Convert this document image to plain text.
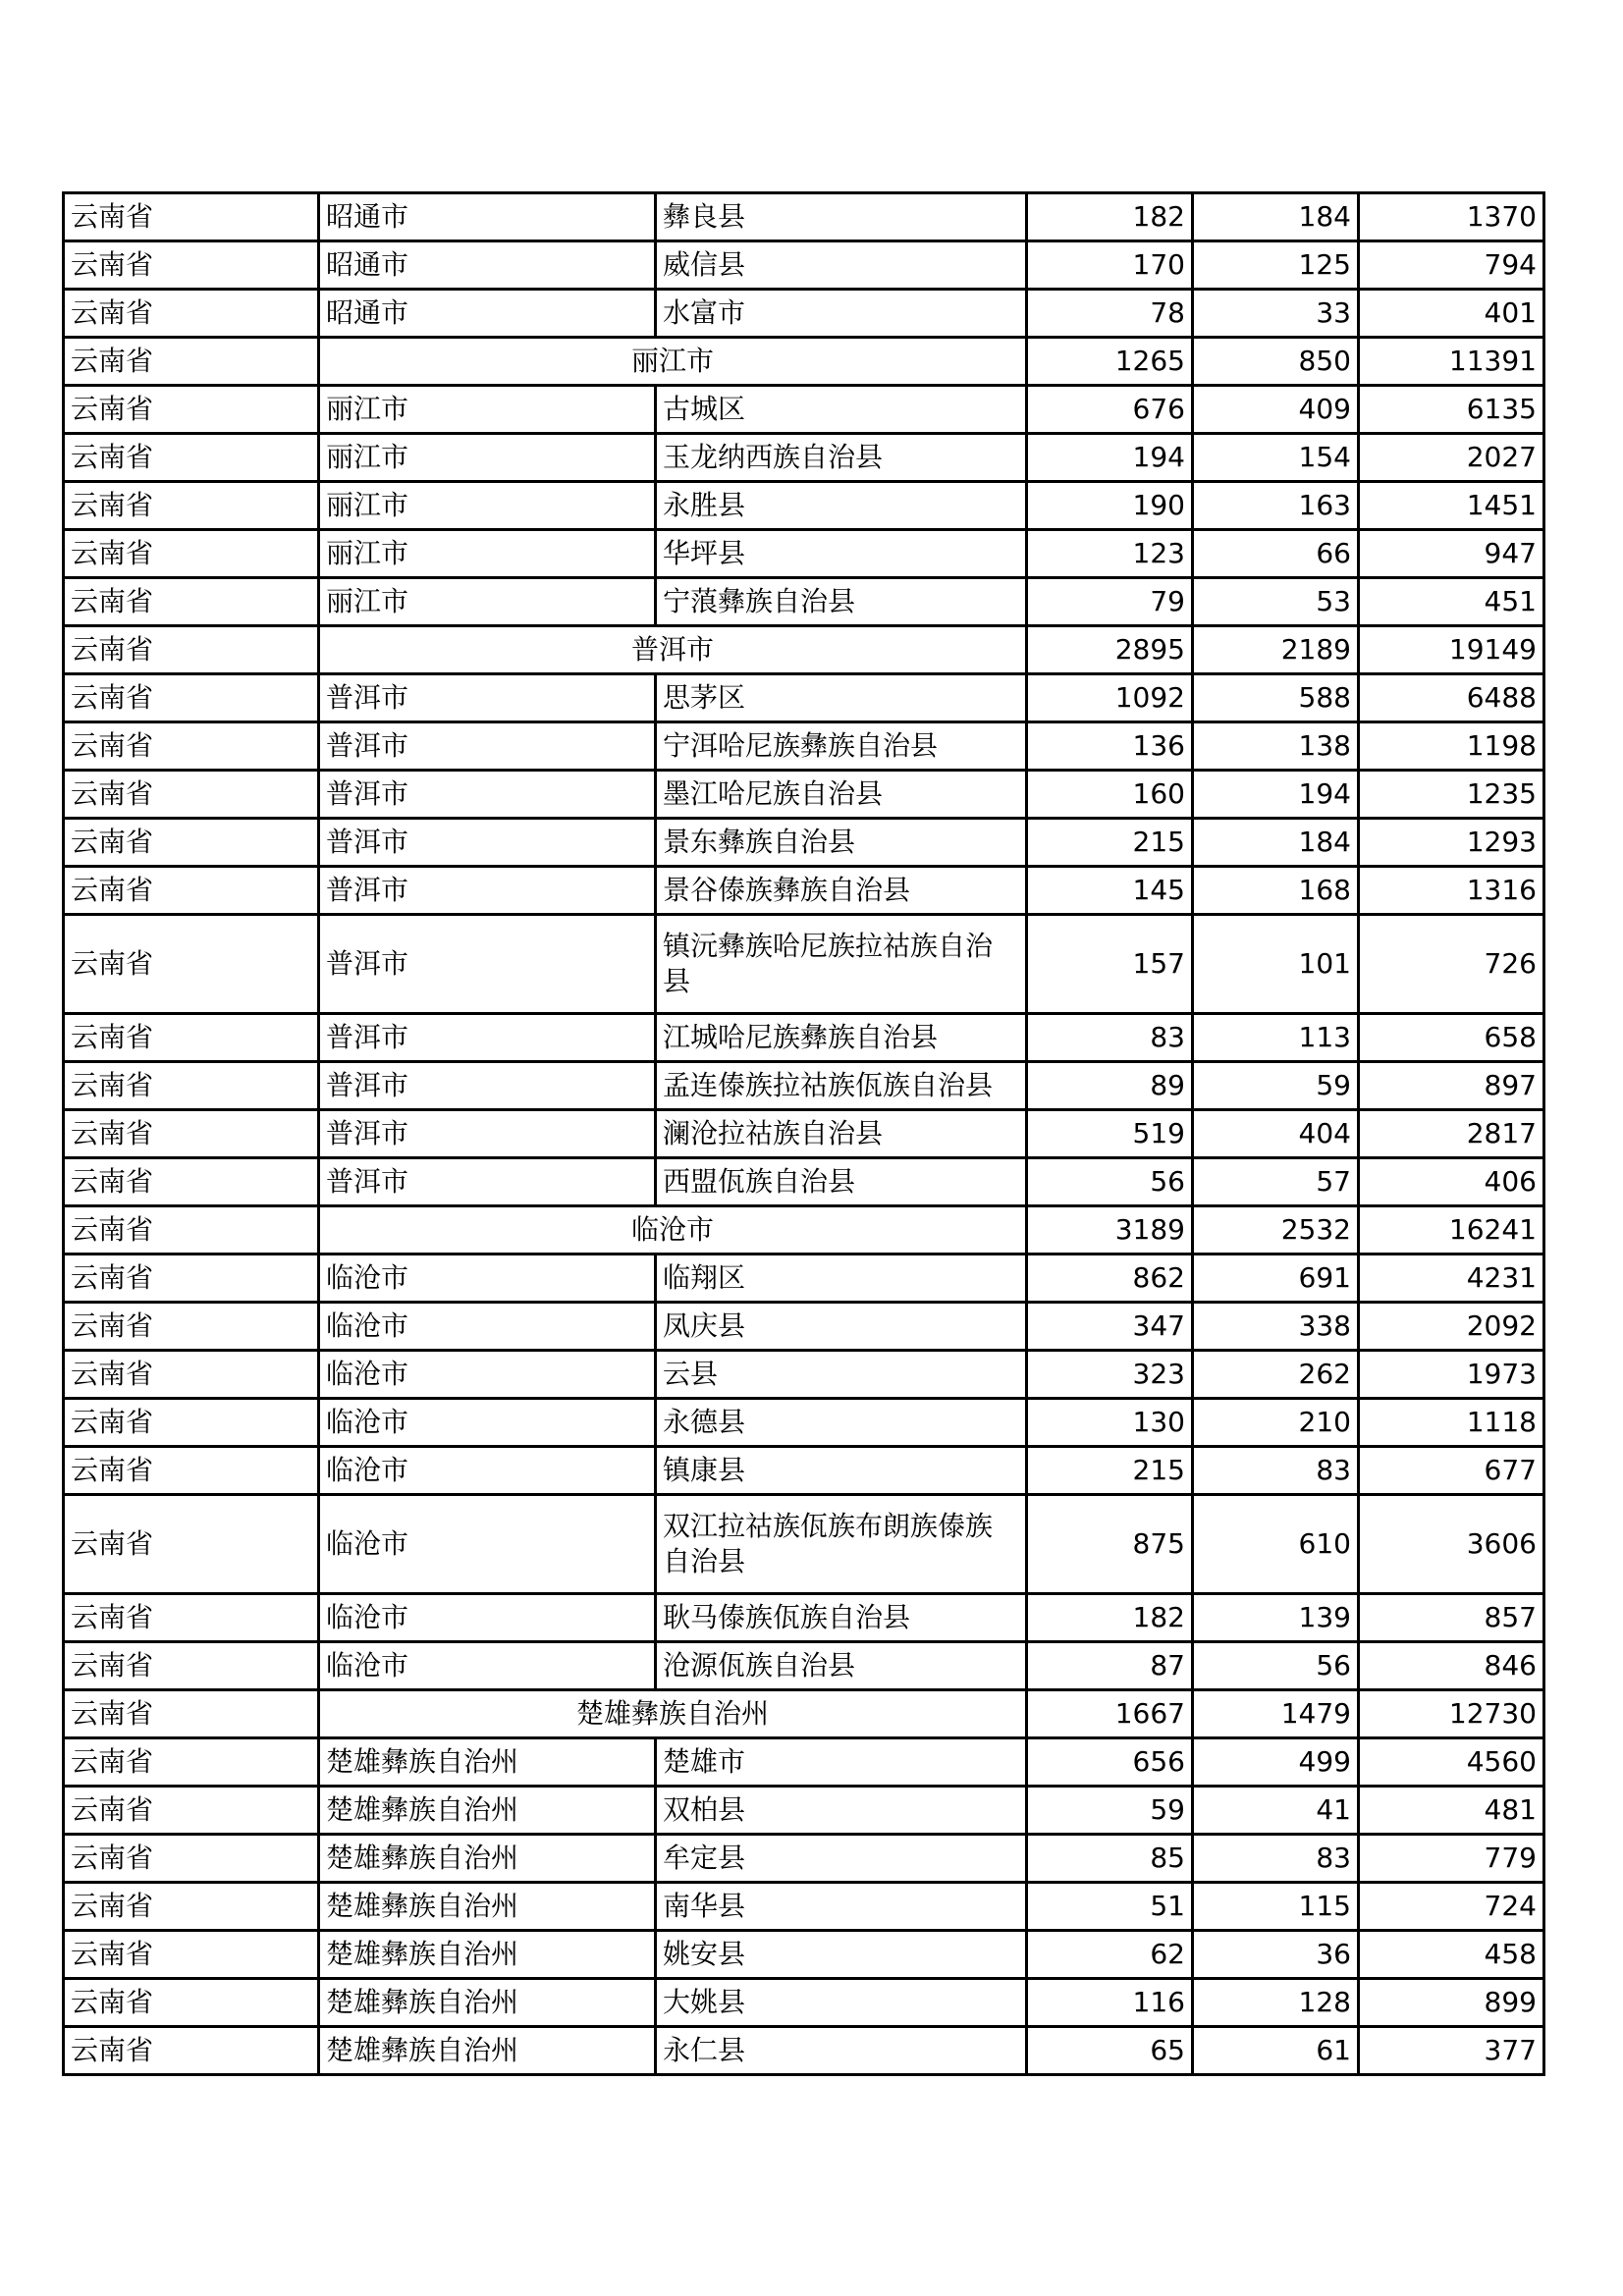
云南省	昭通市	彝良县	182	184	1370
云南省	昭通市	威信县	170	125	794
云南省	昭通市	水富市	78	33	401
云南省	丽江市		1265	850	11391
云南省	丽江市	古城区	676	409	6135
云南省	丽江市	玉龙纳西族自治县	194	154	2027
云南省	丽江市	永胜县	190	163	1451
云南省	丽江市	华坪县	123	66	947
云南省	丽江市	宁蒗彝族自治县	79	53	451
云南省	普洱市		2895	2189	19149
云南省	普洱市	思茅区	1092	588	6488
云南省	普洱市	宁洱哈尼族彝族自治县	136	138	1198
云南省	普洱市	墨江哈尼族自治县	160	194	1235
云南省	普洱市	景东彝族自治县	215	184	1293
云南省	普洱市	景谷傣族彝族自治县	145	168	1316
云南省	普洱市	镇沅彝族哈尼族拉祜族自治县	157	101	726
云南省	普洱市	江城哈尼族彝族自治县	83	113	658
云南省	普洱市	孟连傣族拉祜族佤族自治县	89	59	897
云南省	普洱市	澜沧拉祜族自治县	519	404	2817
云南省	普洱市	西盟佤族自治县	56	57	406
云南省	临沧市		3189	2532	16241
云南省	临沧市	临翔区	862	691	4231
云南省	临沧市	凤庆县	347	338	2092
云南省	临沧市	云县	323	262	1973
云南省	临沧市	永德县	130	210	1118
云南省	临沧市	镇康县	215	83	677
云南省	临沧市	双江拉祜族佤族布朗族傣族自治县	875	610	3606
云南省	临沧市	耿马傣族佤族自治县	182	139	857
云南省	临沧市	沧源佤族自治县	87	56	846
云南省	楚雄彝族自治州		1667	1479	12730
云南省	楚雄彝族自治州	楚雄市	656	499	4560
云南省	楚雄彝族自治州	双柏县	59	41	481
云南省	楚雄彝族自治州	牟定县	85	83	779
云南省	楚雄彝族自治州	南华县	51	115	724
云南省	楚雄彝族自治州	姚安县	62	36	458
云南省	楚雄彝族自治州	大姚县	116	128	899
云南省	楚雄彝族自治州	永仁县	65	61	377
